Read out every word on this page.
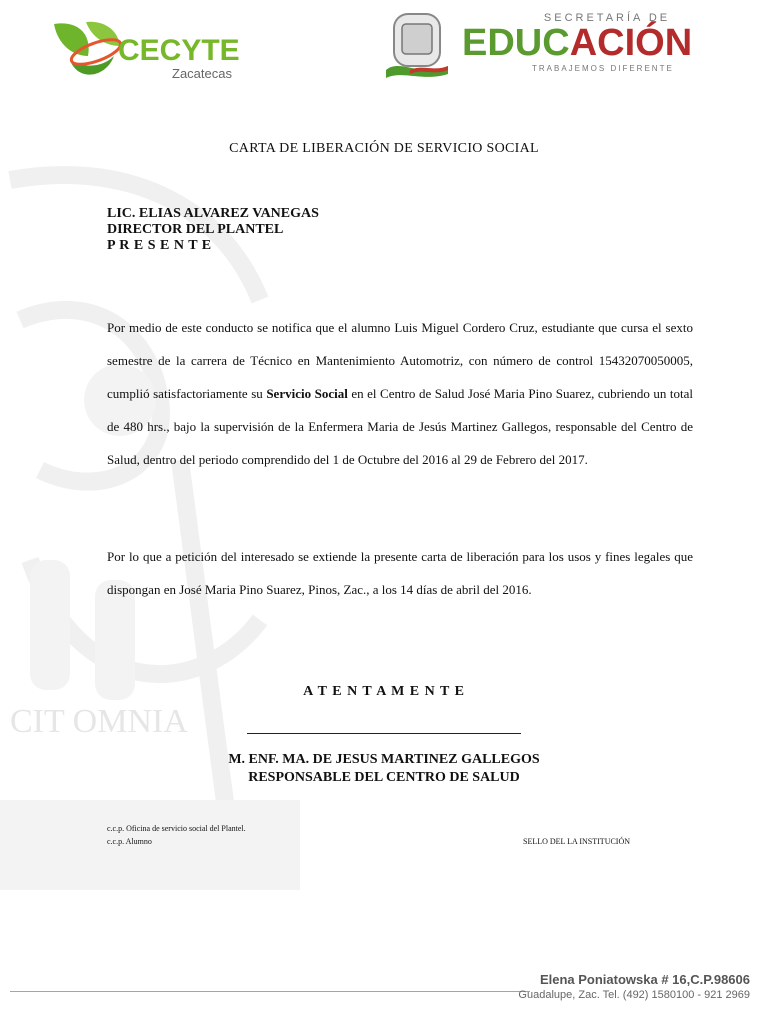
CIT OMNIA
CECYTE
Zacatecas
SECRETARÍA DE
EDUCACIÓN
TRABAJEMOS DIFERENTE
CARTA DE LIBERACIÓN DE SERVICIO SOCIAL
LIC. ELIAS ALVAREZ VANEGAS
DIRECTOR DEL PLANTEL
P R E S E N T E
Por medio de este conducto se notifica que el alumno Luis Miguel Cordero Cruz, estudiante que cursa el sexto semestre de la carrera de Técnico en Mantenimiento Automotriz, con número de control 15432070050005, cumplió satisfactoriamente su Servicio Social en el Centro de Salud José Maria Pino Suarez, cubriendo un total de 480 hrs., bajo la supervisión de la Enfermera Maria de Jesús Martinez Gallegos, responsable del Centro de Salud, dentro del periodo comprendido del 1 de Octubre del 2016 al 29 de Febrero del 2017.
Por lo que a petición del interesado se extiende la presente carta de liberación para los usos y fines legales que dispongan en José Maria Pino Suarez, Pinos, Zac., a los 14 días de abril del 2016.
A T E N T A M E N T E
M. ENF. MA. DE JESUS MARTINEZ GALLEGOS
RESPONSABLE DEL CENTRO DE SALUD
c.c.p. Oficina de servicio social del Plantel.
c.c.p. Alumno	SELLO DEL LA INSTITUCIÓN
Elena Poniatowska # 16,C.P.98606
Guadalupe, Zac. Tel. (492) 1580100 - 921 2969
